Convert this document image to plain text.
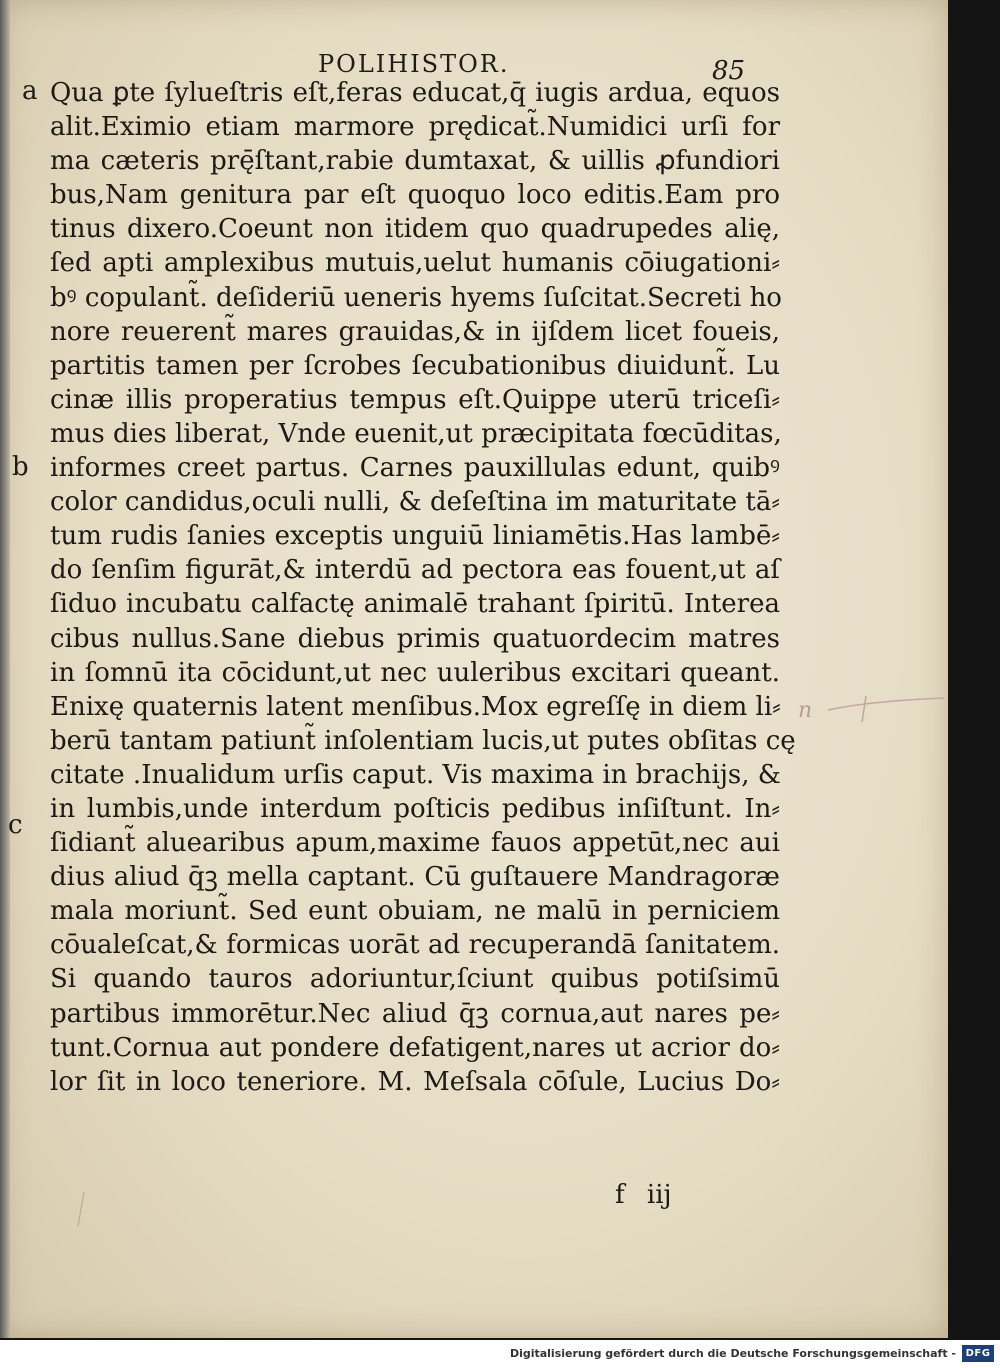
POLIHISTOR.	85
a
b
c
Qua ꝑte ſylueſtris eſt,feras educat,q̄ iugis ardua, equos
alit.Eximio etiam marmore prędicat̃.Numidici urſi for
ma cæteris prę̄ſtant,rabie dumtaxat, & uillis ꝓfundiori
bus,Nam genitura par eſt quoquo loco editis.Eam pro
tinus dixero.Coeunt non itidem quo quadrupedes alię,
ſed apti amplexibus mutuis,uelut humanis cōiugationi⸗
bꝰ copulant̃. deſideriū ueneris hyems ſuſcitat.Secreti ho
nore reuerent̃ mares grauidas,& in ijſdem licet foueis,
partitis tamen per ſcrobes ſecubationibus diuidunt̃. Lu
cinæ illis properatius tempus eſt.Quippe uterū triceſi⸗
mus dies liberat, Vnde euenit,ut præcipitata fœcūditas,
informes creet partus. Carnes pauxillulas edunt, quibꝰ
color candidus,oculi nulli, & deſeſtina im maturitate tā⸗
tum rudis ſanies exceptis unguiū liniamētis.Has lambē⸗
do ſenſim figurāt,& interdū ad pectora eas fouent,ut aſ
ſiduo incubatu calfactę animalē trahant ſpiritū. Interea
cibus nullus.Sane diebus primis quatuordecim matres
in ſomnū ita cōcidunt,ut nec uuleribus excitari queant.
Enixę quaternis latent menſibus.Mox egreſſę in diem li⸗
berū tantam patiunt̃ inſolentiam lucis,ut putes obſitas cę
citate .Inualidum urſis caput. Vis maxima in brachijs, &
in lumbis,unde interdum poſticis pedibus inſiſtunt. In⸗
ſidiant̃ aluearibus apum,maxime fauos appetūt,nec aui
dius aliud q̄ꝫ mella captant. Cū guſtauere Mandragoræ
mala moriunt̃. Sed eunt obuiam, ne malū in perniciem
cōualeſcat,& formicas uorāt ad recuperandā ſanitatem.
Si quando tauros adoriuntur,ſciunt quibus potiſsimū
partibus immorētur.Nec aliud q̄ꝫ cornua,aut nares pe⸗
tunt.Cornua aut pondere defatigent,nares ut acrior do⸗
lor ſit in loco teneriore. M. Meſsala cōſule, Lucius Do⸗
f iij
n
Digitalisierung gefördert durch die Deutsche Forschungsgemeinschaft - DFG
